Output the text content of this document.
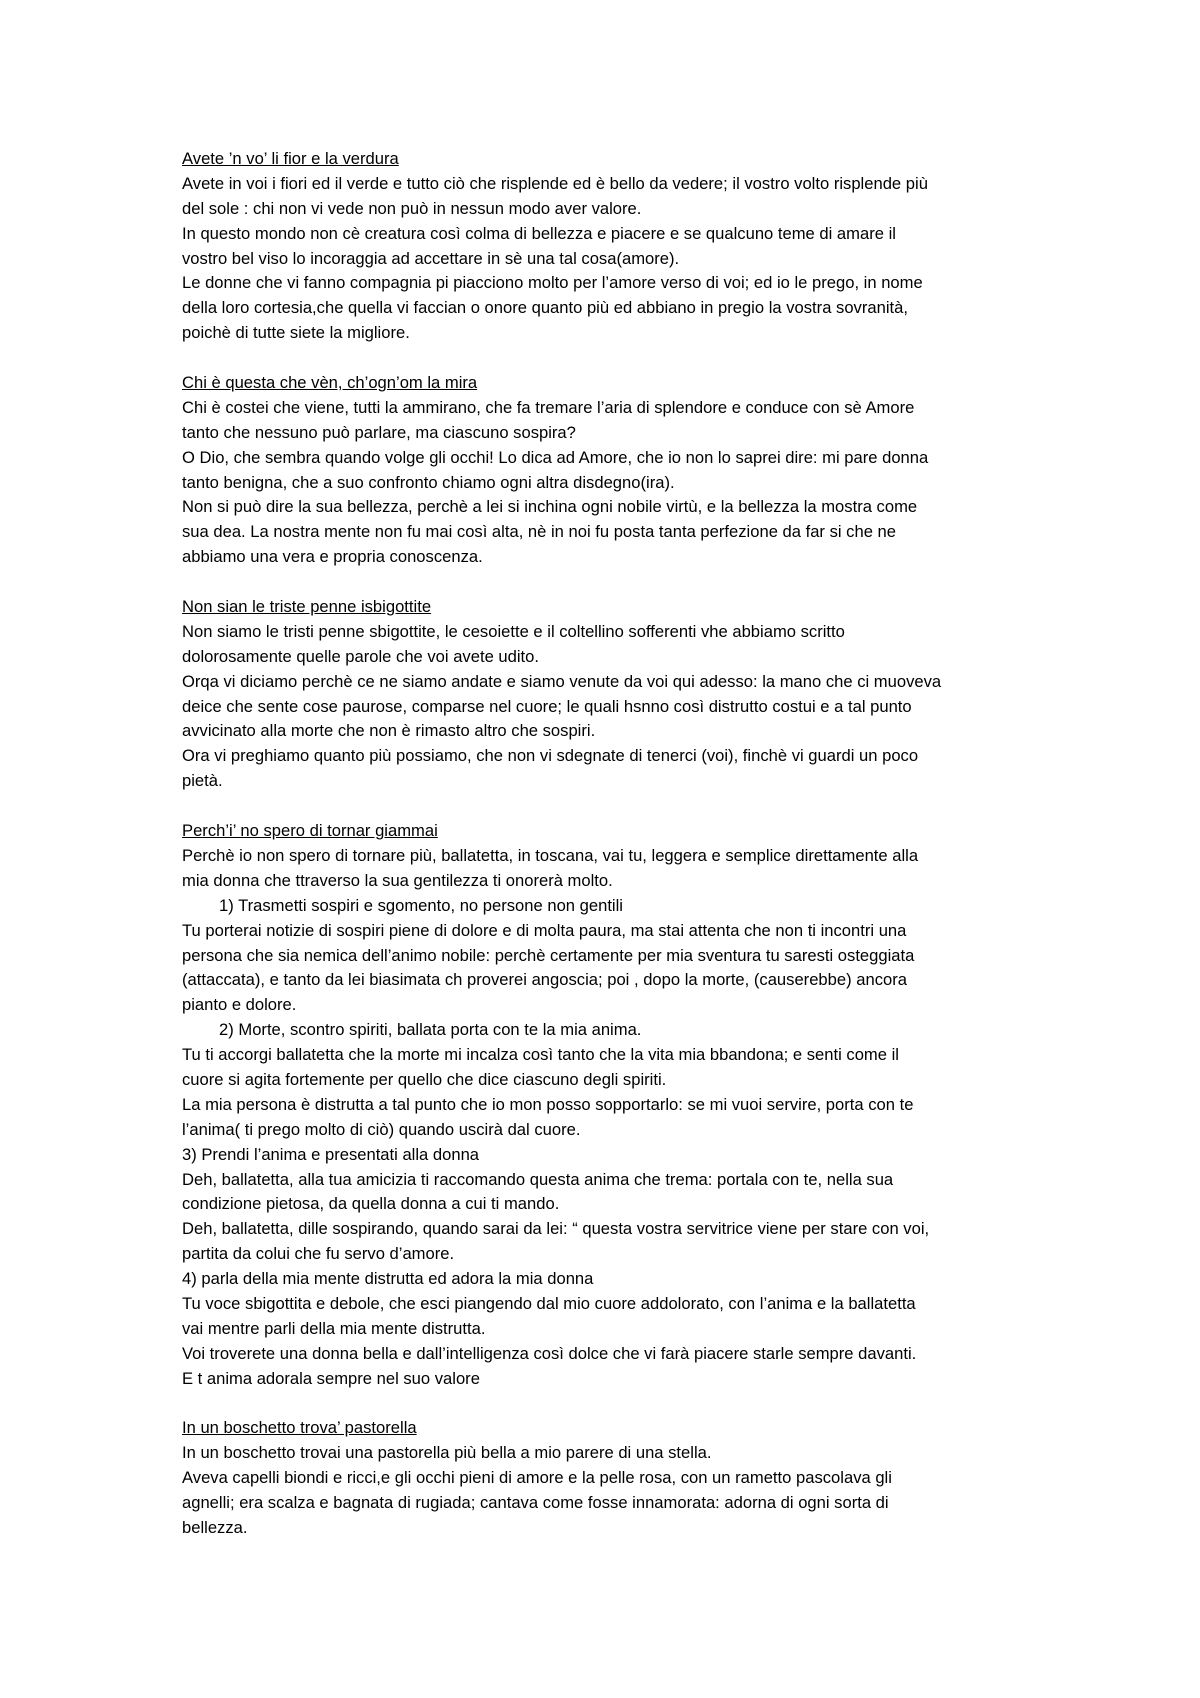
Avete ’n vo’ li fior e la verdura
Avete in voi i fiori ed il verde e tutto ciò che risplende ed è bello da vedere; il vostro volto risplende più
del sole : chi non vi vede non può in nessun modo aver valore.
In questo mondo non cè creatura così colma di bellezza e piacere e se qualcuno teme di amare il
vostro bel viso lo incoraggia ad accettare in sè una tal cosa(amore).
Le donne che vi fanno compagnia pi piacciono molto per l’amore verso di voi; ed io le prego, in nome
della loro cortesia,che quella vi faccian o onore quanto più ed abbiano in pregio la vostra sovranità,
poichè di tutte siete la migliore.
Chi è questa che vèn, ch’ogn’om la mira
Chi è costei che viene, tutti la ammirano, che fa tremare l’aria di splendore e conduce con sè Amore
tanto che nessuno può parlare, ma ciascuno sospira?
O Dio, che sembra quando volge gli occhi! Lo dica ad Amore, che io non lo saprei dire: mi pare donna
tanto benigna, che a suo confronto chiamo ogni altra disdegno(ira).
Non si può dire la sua bellezza, perchè a lei si inchina ogni nobile virtù, e la bellezza la mostra come
sua dea. La nostra mente non fu mai così alta, nè in noi fu posta tanta perfezione da far si che ne
abbiamo una vera e propria conoscenza.
Non sian le triste penne isbigottite
Non siamo le tristi penne sbigottite, le cesoiette e il coltellino sofferenti vhe abbiamo scritto
dolorosamente quelle parole che voi avete udito.
Orqa vi diciamo perchè ce ne siamo andate e siamo venute da voi qui adesso: la mano che ci muoveva
deice che sente cose paurose, comparse nel cuore; le quali hsnno così distrutto costui e a tal punto
avvicinato alla morte che non è rimasto altro che sospiri.
Ora vi preghiamo quanto più possiamo, che non vi sdegnate di tenerci (voi), finchè vi guardi un poco
pietà.
Perch’i’ no spero di tornar giammai
Perchè io non spero di tornare più, ballatetta, in toscana, vai tu, leggera e semplice direttamente alla
mia donna che ttraverso la sua gentilezza ti onorerà molto.
1) Trasmetti sospiri e sgomento, no persone non gentili
Tu porterai notizie di sospiri piene di dolore e di molta paura, ma stai attenta che non ti incontri una
persona che sia nemica dell’animo nobile: perchè certamente per mia sventura tu saresti osteggiata
(attaccata), e tanto da lei biasimata ch proverei angoscia; poi , dopo la morte, (causerebbe) ancora
pianto e dolore.
2) Morte, scontro spiriti, ballata porta con te la mia anima.
Tu ti accorgi ballatetta che la morte mi incalza così tanto che la vita mia bbandona; e senti come il
cuore si agita fortemente per quello che dice ciascuno degli spiriti.
La mia persona è distrutta a tal punto che io mon posso sopportarlo: se mi vuoi servire, porta con te
l’anima( ti prego molto di ciò) quando uscirà dal cuore.
3) Prendi l’anima e presentati alla donna
Deh, ballatetta, alla tua amicizia ti raccomando questa anima che trema: portala con te, nella sua
condizione pietosa, da quella donna a cui ti mando.
Deh, ballatetta, dille sospirando, quando sarai da lei: “ questa vostra servitrice viene per stare con voi,
partita da colui che fu servo d’amore.
4) parla della mia mente distrutta ed adora la mia donna
Tu voce sbigottita e debole, che esci piangendo dal mio cuore addolorato, con l’anima e la ballatetta
vai mentre parli della mia mente distrutta.
Voi troverete una donna bella e dall’intelligenza così dolce che vi farà piacere starle sempre davanti.
E t anima adorala sempre nel suo valore
In un boschetto trova’ pastorella
In un boschetto trovai una pastorella più bella a mio parere di una stella.
Aveva capelli biondi e ricci,e gli occhi pieni di amore e la pelle rosa, con un rametto pascolava gli
agnelli; era scalza e bagnata di rugiada; cantava come fosse innamorata: adorna di ogni sorta di
bellezza.
